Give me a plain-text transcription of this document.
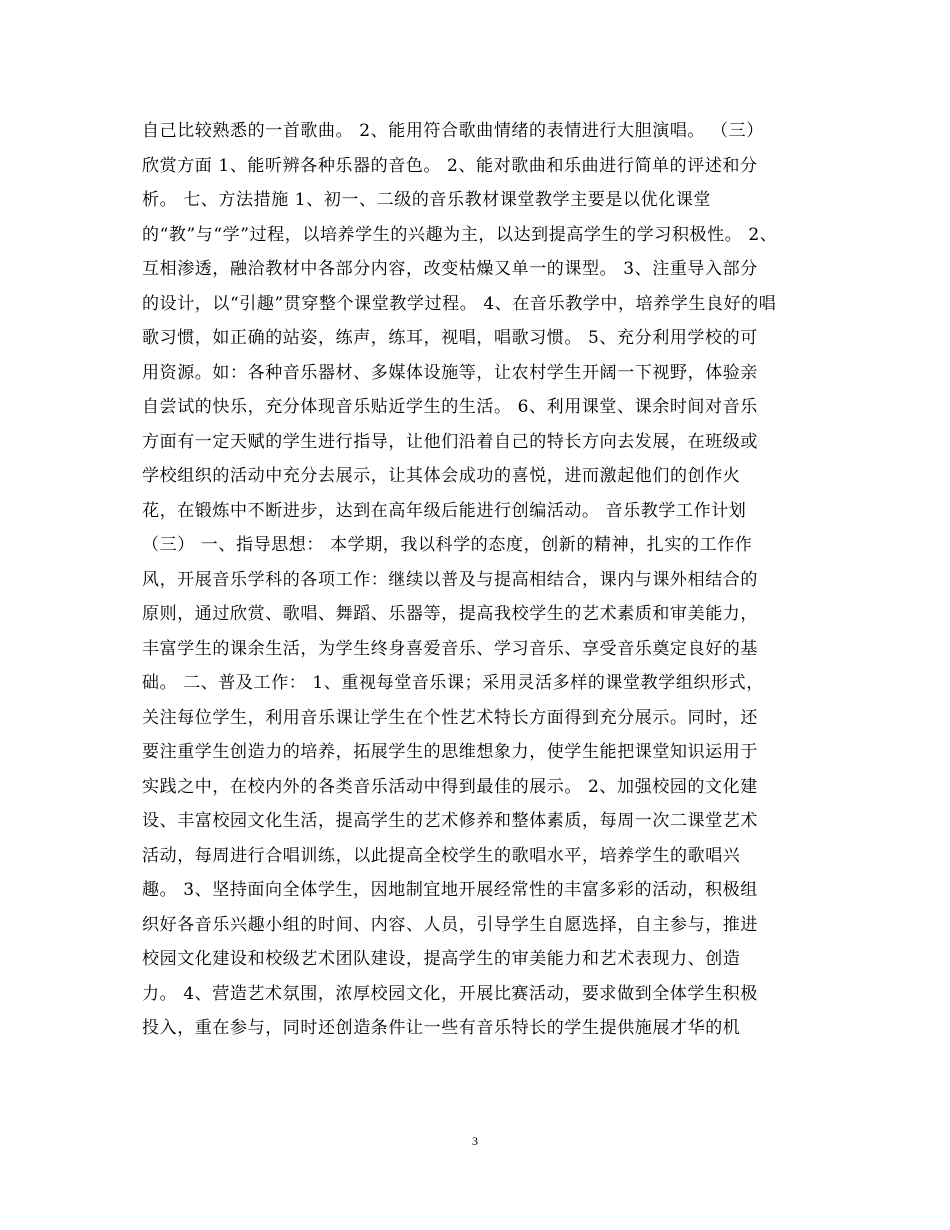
自己比较熟悉的一首歌曲。 2、能用符合歌曲情绪的表情进行大胆演唱。 （三）
欣赏方面 1、能听辨各种乐器的音色。 2、能对歌曲和乐曲进行简单的评述和分
析。 七、方法措施 1、初一、二级的音乐教材课堂教学主要是以优化课堂
的“教”与“学”过程，以培养学生的兴趣为主，以达到提高学生的学习积极性。 2、
互相渗透，融洽教材中各部分内容，改变枯燥又单一的课型。 3、注重导入部分
的设计，以“引趣”贯穿整个课堂教学过程。 4、在音乐教学中，培养学生良好的唱
歌习惯，如正确的站姿，练声，练耳，视唱，唱歌习惯。 5、充分利用学校的可
用资源。如：各种音乐器材、多媒体设施等，让农村学生开阔一下视野，体验亲
自尝试的快乐，充分体现音乐贴近学生的生活。 6、利用课堂、课余时间对音乐
方面有一定天赋的学生进行指导，让他们沿着自己的特长方向去发展，在班级或
学校组织的活动中充分去展示，让其体会成功的喜悦，进而激起他们的创作火
花，在锻炼中不断进步，达到在高年级后能进行创编活动。 音乐教学工作计划
（三） 一、指导思想： 本学期，我以科学的态度，创新的精神，扎实的工作作
风，开展音乐学科的各项工作：继续以普及与提高相结合，课内与课外相结合的
原则，通过欣赏、歌唱、舞蹈、乐器等，提高我校学生的艺术素质和审美能力，
丰富学生的课余生活，为学生终身喜爱音乐、学习音乐、享受音乐奠定良好的基
础。 二、普及工作： 1、重视每堂音乐课；采用灵活多样的课堂教学组织形式，
关注每位学生，利用音乐课让学生在个性艺术特长方面得到充分展示。同时，还
要注重学生创造力的培养，拓展学生的思维想象力，使学生能把课堂知识运用于
实践之中，在校内外的各类音乐活动中得到最佳的展示。 2、加强校园的文化建
设、丰富校园文化生活，提高学生的艺术修养和整体素质，每周一次二课堂艺术
活动，每周进行合唱训练，以此提高全校学生的歌唱水平，培养学生的歌唱兴
趣。 3、坚持面向全体学生，因地制宜地开展经常性的丰富多彩的活动，积极组
织好各音乐兴趣小组的时间、内容、人员，引导学生自愿选择，自主参与，推进
校园文化建设和校级艺术团队建设，提高学生的审美能力和艺术表现力、创造
力。 4、营造艺术氛围，浓厚校园文化，开展比赛活动，要求做到全体学生积极
投入，重在参与，同时还创造条件让一些有音乐特长的学生提供施展才华的机
3
